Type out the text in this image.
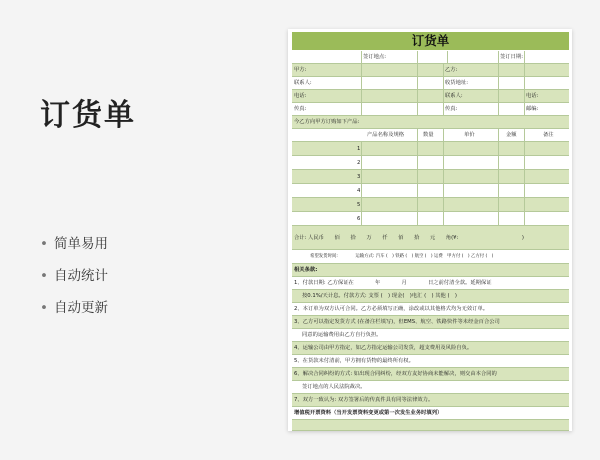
订货单
• 简单易用
• 自动统计
• 自动更新
订货单
签订地点:	签订日期:
甲方:	乙方:
联系人:	收货地址:
电话:	联系人:	电话:
传真:	传真:	邮编:
今乙方向甲方订购如下产品:
产品名称及规格	数量	单价	金额	备注
1
2
3
4
5
6
合计: 人民币　　佰　　拾　　万　　仟　　佰　　拾　　元　　角(¥:　　　　　　　　　　　　)
希望发货时间:　　　　运输方式: 汽车 (　) 铁路 (　) 航空 (　) 运费　甲方付 (　) 乙方付 (　)
相关条款:
1、付款日期: 乙方保证在　　　　年　　　　月　　　　日之前付清全款。延期保证
按0.1%/天计息。付款方式: 支票 (　) 现金(　)电汇 (　) 其他 (　)
2、本订单为双方认可合同。乙方必须填写正确，涂改或以其他格式均为无效订单。
3、乙方可以指定发货方式 (在备注栏填写)，但EMS、航空、铁路快件等未经金百合公司
同意的运输费用由乙方自行负担。
4、运输公司由甲方指定，如乙方指定运输公司发货，超支费用及风险自负。
5、在货款未付清前，甲方拥有货物的最终所有权。
6、解决合同纠纷的方式: 如出现合同纠纷，经双方友好协商未能解决，则交由本合同的
签订地点的人民法院裁决。
7、双方一致认为: 双方签署后的传真件具有同等法律效力。
增值税开票资料（当开发票资料变更或第一次发生业务时填列）
